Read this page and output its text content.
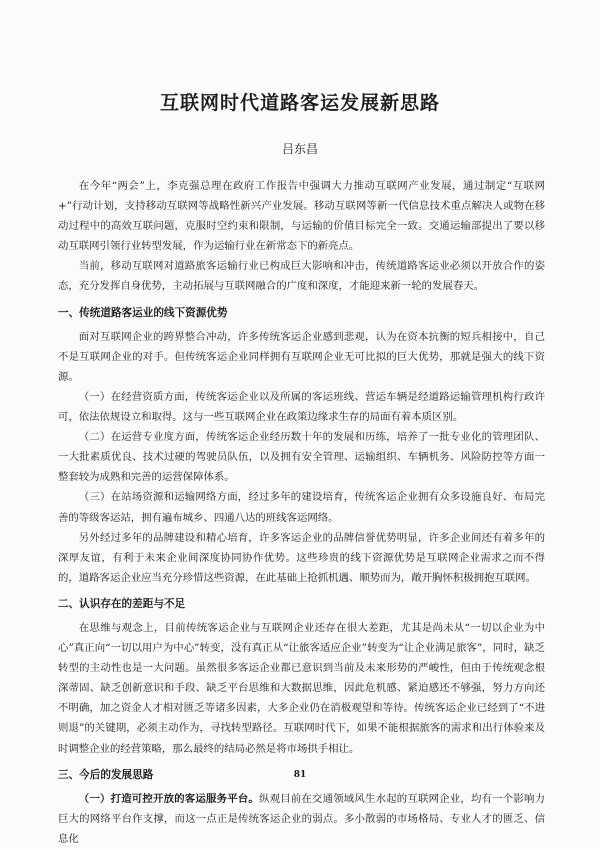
互联网时代道路客运发展新思路
吕东昌

在今年“两会”上，李克强总理在政府工作报告中强调大力推动互联网产业发展，通过制定“互联网+”行动计划，支持移动互联网等战略性新兴产业发展。移动互联网等新一代信息技术重点解决人或物在移动过程中的高效互联问题，克服时空约束和限制，与运输的价值目标完全一致。交通运输部提出了要以移动互联网引领行业转型发展，作为运输行业在新常态下的新亮点。

当前，移动互联网对道路旅客运输行业已构成巨大影响和冲击，传统道路客运业必须以开放合作的姿态，充分发挥自身优势，主动拓展与互联网融合的广度和深度，才能迎来新一轮的发展春天。

一、传统道路客运业的线下资源优势

面对互联网企业的跨界整合冲动，许多传统客运企业感到悲观，认为在资本抗衡的短兵相接中，自己不是互联网企业的对手。但传统客运企业同样拥有互联网企业无可比拟的巨大优势，那就是强大的线下资源。

（一）在经营资质方面，传统客运企业以及所属的客运班线、营运车辆是经道路运输管理机构行政许可，依法依规设立和取得。这与一些互联网企业在政策边缘求生存的局面有着本质区别。

（二）在运营专业度方面，传统客运企业经历数十年的发展和历练，培养了一批专业化的管理团队、一大批素质优良、技术过硬的驾驶员队伍，以及拥有安全管理、运输组织、车辆机务、风险防控等方面一整套较为成熟和完善的运营保障体系。

（三）在站场资源和运输网络方面，经过多年的建设培育，传统客运企业拥有众多设施良好、布局完善的等级客运站，拥有遍布城乡、四通八达的班线客运网络。

另外经过多年的品牌建设和精心培育，许多客运企业的品牌信誉优势明显，许多企业间还有着多年的深厚友谊，有利于未来企业间深度协同协作优势。这些珍贵的线下资源优势是互联网企业需求之而不得的，道路客运企业应当充分珍惜这些资源，在此基础上抢抓机遇、顺势而为，敞开胸怀积极拥抱互联网。

二、认识存在的差距与不足

在思维与观念上，目前传统客运企业与互联网企业还存在很大差距，尤其是尚未从“一切以企业为中心”真正向“一切以用户为中心”转变，没有真正从“让旅客适应企业”转变为“让企业满足旅客”，同时，缺乏转型的主动性也是一大问题。虽然很多客运企业都已意识到当前及未来形势的严峻性，但由于传统观念根深蒂固、缺乏创新意识和手段、缺乏平台思维和大数据思维，因此危机感、紧迫感还不够强，努力方向还不明确，加之资金人才相对匮乏等诸多因素，大多企业仍在消极观望和等待。传统客运企业已经到了“不进则退”的关键期，必须主动作为，寻找转型路径。互联网时代下，如果不能根据旅客的需求和出行体验来及时调整企业的经营策略，那么最终的结局必然是将市场拱手相让。

三、今后的发展思路

（一）打造可控开放的客运服务平台。纵观目前在交通领域风生水起的互联网企业，均有一个影响力巨大的网络平台作支撑，而这一点正是传统客运企业的弱点。多小散弱的市场格局、专业人才的匮乏、信息化

81
